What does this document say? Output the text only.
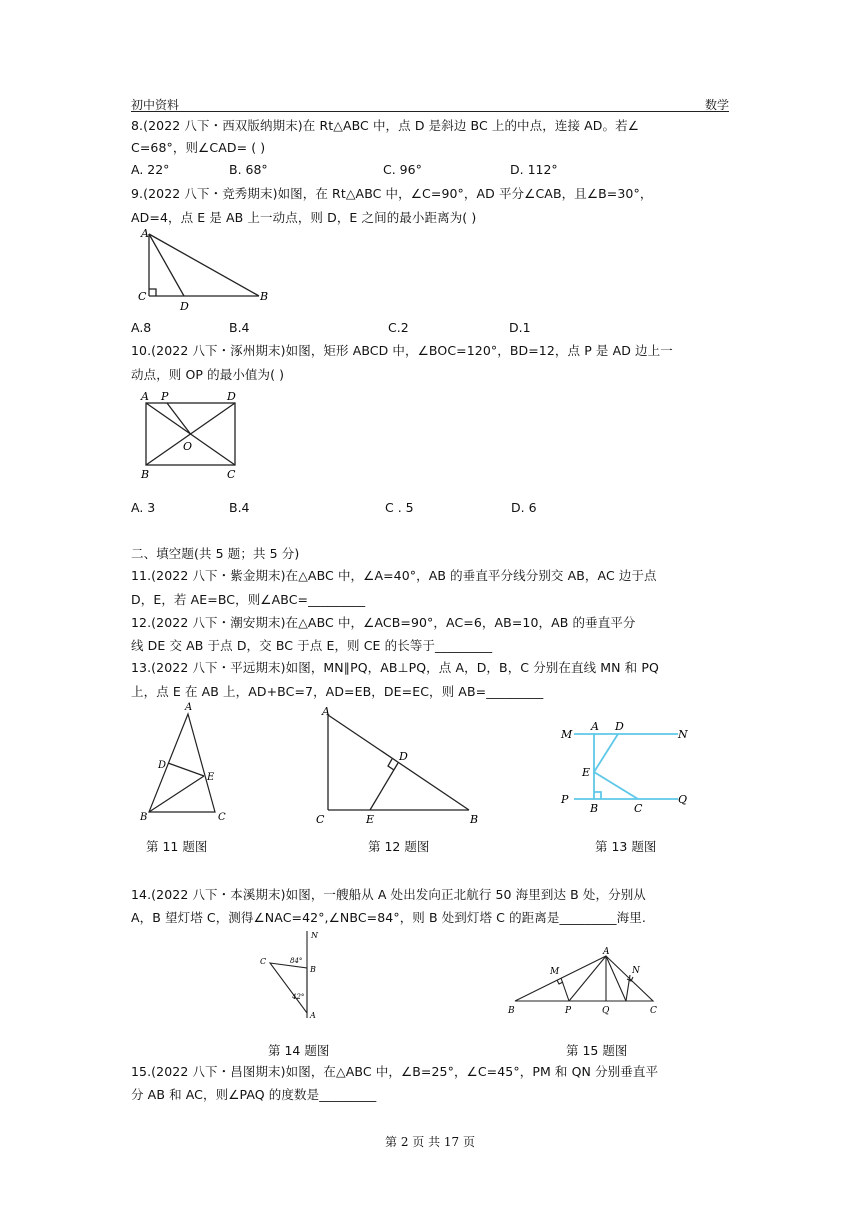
初中资料	数学
8.(2022 八下・西双版纳期末)在 Rt△ABC 中，点 D 是斜边 BC 上的中点，连接 AD。若∠
C=68°，则∠CAD= ( )
A. 22°	B. 68°	C. 96°	D. 112°
9.(2022 八下・竞秀期末)如图，在 Rt△ABC 中，∠C=90°，AD 平分∠CAB，且∠B=30°，
AD=4，点 E 是 AB 上一动点，则 D，E 之间的最小距离为( )
A
C
D
B
A.8	B.4	C.2	D.1
10.(2022 八下・涿州期末)如图，矩形 ABCD 中，∠BOC=120°，BD=12，点 P 是 AD 边上一
动点，则 OP 的最小值为( )
A P	D
O
B	C
A. 3	B.4	C . 5	D. 6
二、填空题(共 5 题；共 5 分)
11.(2022 八下・紫金期末)在△ABC 中，∠A=40°，AB 的垂直平分线分别交 AB，AC 边于点
D，E，若 AE=BC，则∠ABC=_________
12.(2022 八下・潮安期末)在△ABC 中，∠ACB=90°，AC=6，AB=10，AB 的垂直平分
线 DE 交 AB 于点 D，交 BC 于点 E，则 CE 的长等于_________
13.(2022 八下・平远期末)如图，MN∥PQ，AB⊥PQ，点 A，D，B，C 分别在直线 MN 和 PQ
上，点 E 在 AB 上，AD+BC=7，AD=EB，DE=EC，则 AB=_________
A
D
E
B	C
第 11 题图
A
D
C	E	B
第 12 题图
M
A D
N
E
P
B	C
Q
第 13 题图
14.(2022 八下・本溪期末)如图，一艘船从 A 处出发向正北航行 50 海里到达 B 处，分别从
A，B 望灯塔 C，测得∠NAC=42°,∠NBC=84°，则 B 处到灯塔 C 的距离是_________海里.
N
C	84°
B
42°
A
第 14 题图
A
M	N
B	P	Q	C
第 15 题图
15.(2022 八下・昌图期末)如图，在△ABC 中，∠B=25°，∠C=45°，PM 和 QN 分别垂直平
分 AB 和 AC，则∠PAQ 的度数是_________
第 2 页 共 17 页
